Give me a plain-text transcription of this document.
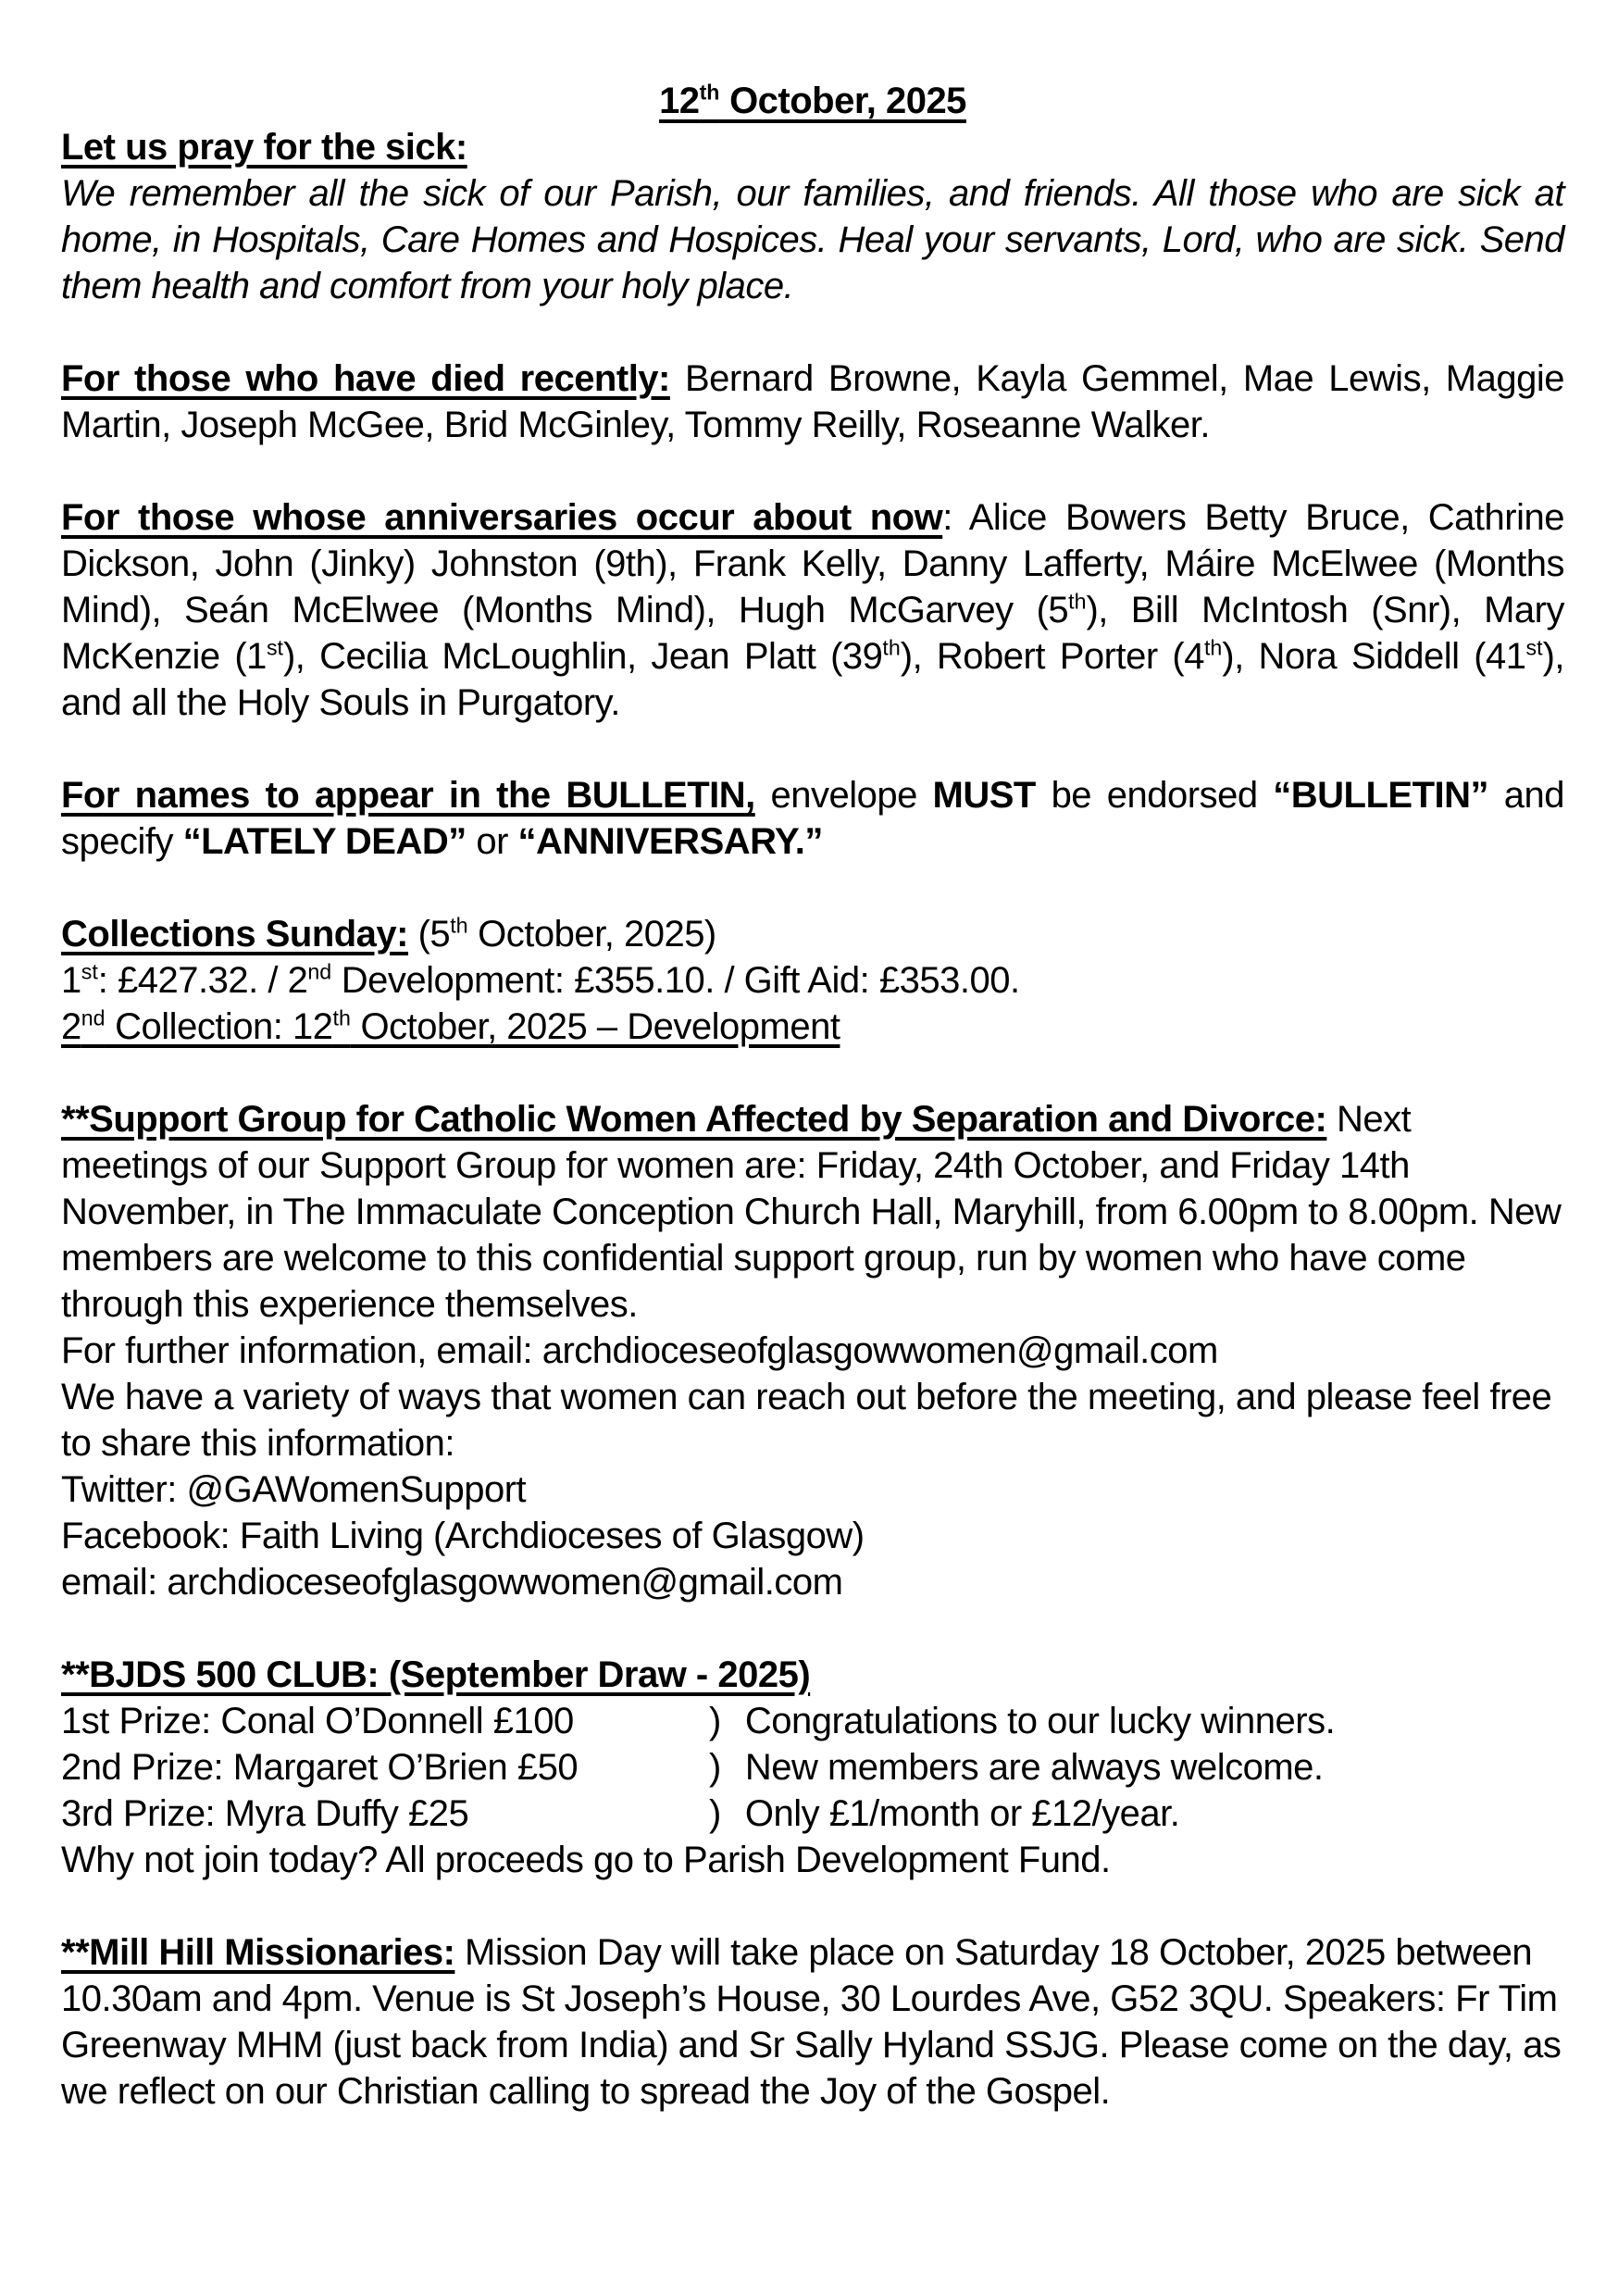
12th October, 2025
Let us pray for the sick:
We remember all the sick of our Parish, our families, and friends. All those who are sick at home, in Hospitals, Care Homes and Hospices. Heal your servants, Lord, who are sick. Send them health and comfort from your holy place.
For those who have died recently: Bernard Browne, Kayla Gemmel, Mae Lewis, Maggie Martin, Joseph McGee, Brid McGinley, Tommy Reilly, Roseanne Walker.
For those whose anniversaries occur about now: Alice Bowers Betty Bruce, Cathrine Dickson, John (Jinky) Johnston (9th), Frank Kelly, Danny Lafferty, Máire McElwee (Months Mind), Seán McElwee (Months Mind), Hugh McGarvey (5th), Bill McIntosh (Snr), Mary McKenzie (1st), Cecilia McLoughlin, Jean Platt (39th), Robert Porter (4th), Nora Siddell (41st), and all the Holy Souls in Purgatory.
For names to appear in the BULLETIN, envelope MUST be endorsed “BULLETIN” and specify “LATELY DEAD” or “ANNIVERSARY.”
Collections Sunday: (5th October, 2025)
1st: £427.32. / 2nd Development: £355.10. / Gift Aid: £353.00.
2nd Collection: 12th October, 2025 – Development
**Support Group for Catholic Women Affected by Separation and Divorce: Next meetings of our Support Group for women are: Friday, 24th October, and Friday 14th November, in The Immaculate Conception Church Hall, Maryhill, from 6.00pm to 8.00pm. New members are welcome to this confidential support group, run by women who have come through this experience themselves.
For further information, email: archdioceseofglasgowwomen@gmail.com
We have a variety of ways that women can reach out before the meeting, and please feel free to share this information:
Twitter: @GAWomenSupport
Facebook: Faith Living (Archdioceses of Glasgow)
email: archdioceseofglasgowwomen@gmail.com
**BJDS 500 CLUB: (September Draw - 2025)
1st Prize: Conal O’Donnell £100	) Congratulations to our lucky winners.
2nd Prize: Margaret O’Brien £50	) New members are always welcome.
3rd Prize: Myra Duffy £25	) Only £1/month or £12/year.
Why not join today? All proceeds go to Parish Development Fund.
**Mill Hill Missionaries: Mission Day will take place on Saturday 18 October, 2025 between 10.30am and 4pm. Venue is St Joseph’s House, 30 Lourdes Ave, G52 3QU. Speakers: Fr Tim Greenway MHM (just back from India) and Sr Sally Hyland SSJG. Please come on the day, as we reflect on our Christian calling to spread the Joy of the Gospel.
